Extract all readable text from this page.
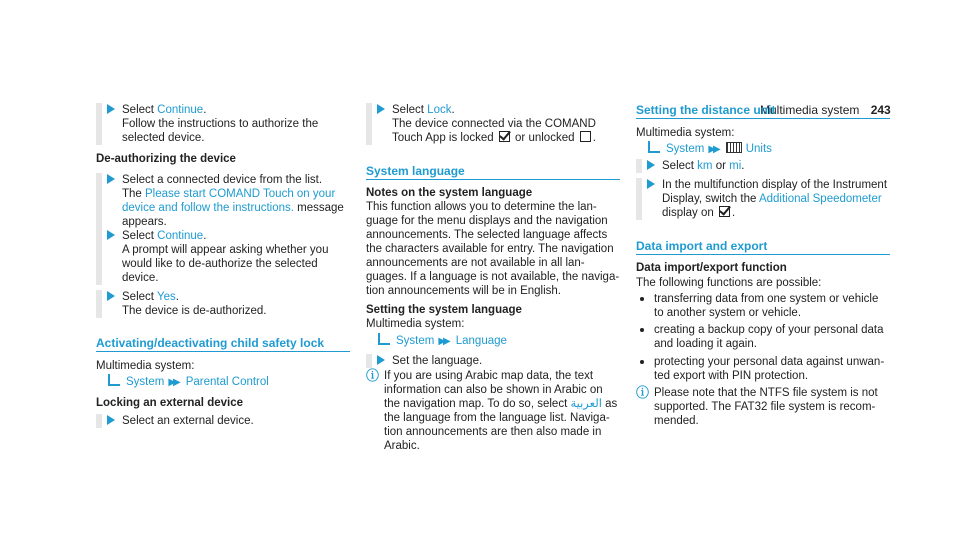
Multimedia system 243
Select Continue.
Follow the instructions to authorize the
selected device.
De-authorizing the device
Select a connected device from the list.
The Please start COMAND Touch on your
device and follow the instructions. message
appears.
Select Continue.
A prompt will appear asking whether you
would like to de-authorize the selected
device.
Select Yes.
The device is de-authorized.
Activating/deactivating child safety lock
Multimedia system:
System ▶▶ Parental Control
Locking an external device
Select an external device.
Select Lock.
The device connected via the COMAND
Touch App is locked  or unlocked .
System language
Notes on the system language
This function allows you to determine the lan-
guage for the menu displays and the navigation
announcements. The selected language affects
the characters available for entry. The navigation
announcements are not available in all lan-
guages. If a language is not available, the naviga-
tion announcements will be in English.
Setting the system language
Multimedia system:
System ▶▶ Language
Set the language.
ⓘ If you are using Arabic map data, the text
information can also be shown in Arabic on
the navigation map. To do so, select العربية as
the language from the language list. Naviga-
tion announcements are then also made in
Arabic.
Setting the distance unit
Multimedia system:
System ▶▶ Units
Select km or mi.
In the multifunction display of the Instrument
Display, switch the Additional Speedometer
display on .
Data import and export
Data import/export function
The following functions are possible:
transferring data from one system or vehicle
to another system or vehicle.
creating a backup copy of your personal data
and loading it again.
protecting your personal data against unwan-
ted export with PIN protection.
ⓘ Please note that the NTFS file system is not
supported. The FAT32 file system is recom-
mended.
